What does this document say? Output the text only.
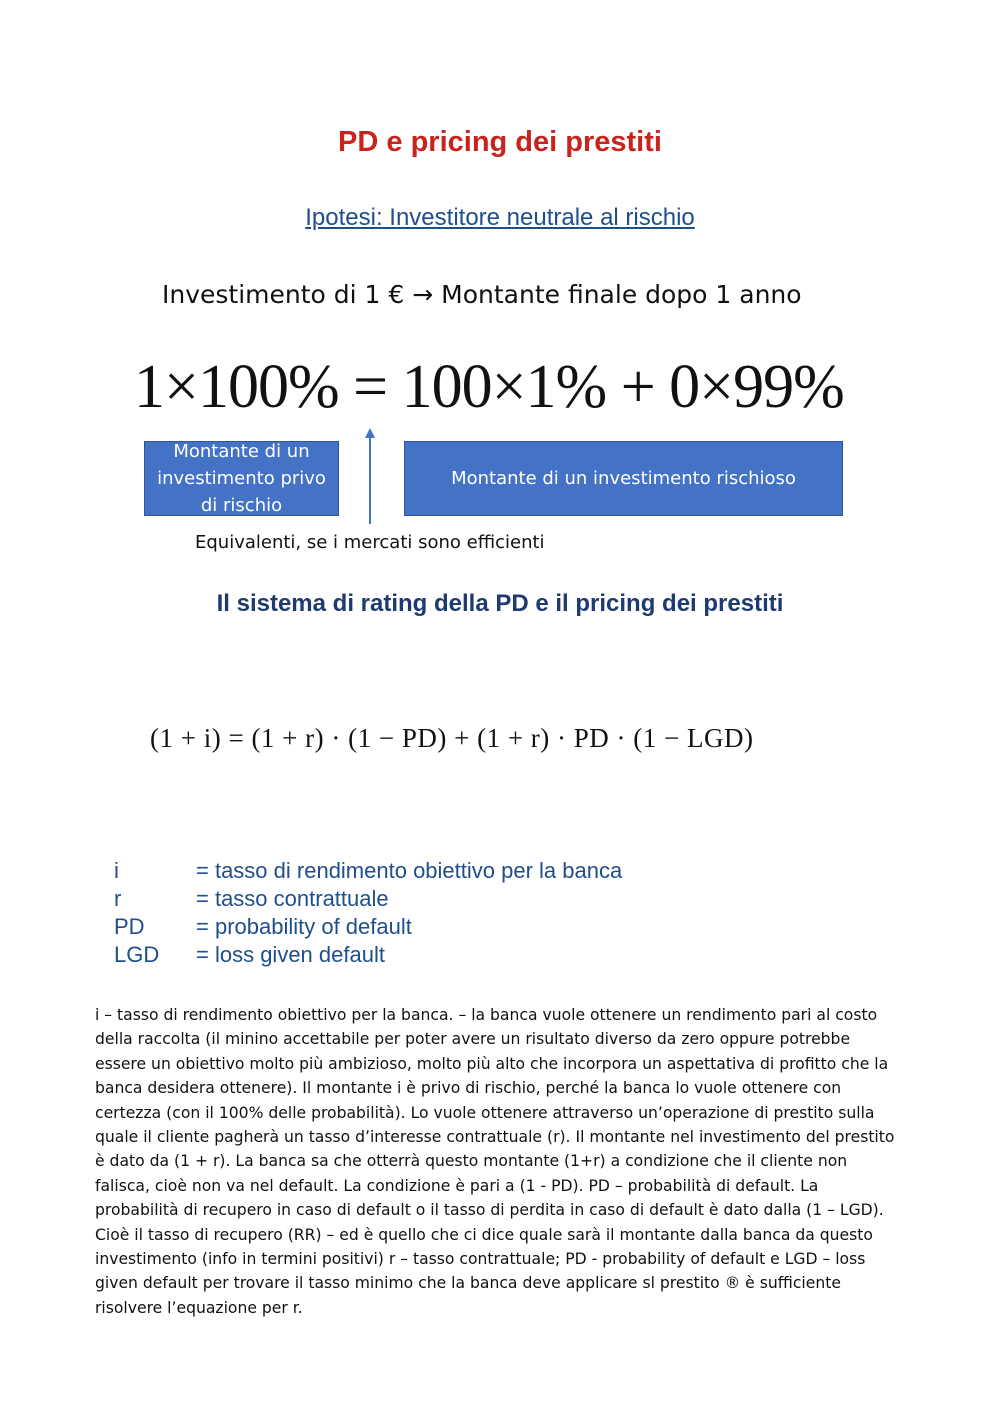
PD e pricing dei prestiti
Ipotesi: Investitore neutrale al rischio
Investimento di 1 € → Montante finale dopo 1 anno
1×100% = 100×1% + 0×99%
Montante di un investimento privo di rischio
Montante di un investimento rischioso
Equivalenti, se i mercati sono efficienti
Il sistema di rating della PD e il pricing dei prestiti
(1 + i) = (1 + r) · (1 − PD) + (1 + r) · PD · (1 − LGD)
i	= tasso di rendimento obiettivo per la banca
r	= tasso contrattuale
PD	= probability of default
LGD	= loss given default

i – tasso di rendimento obiettivo per la banca. – la banca vuole ottenere un rendimento pari al costo della raccolta (il minino accettabile per poter avere un risultato diverso da zero oppure potrebbe essere un obiettivo molto più ambizioso, molto più alto che incorpora un aspettativa di profitto che la banca desidera ottenere). Il montante i è privo di rischio, perché la banca lo vuole ottenere con certezza (con il 100% delle probabilità). Lo vuole ottenere attraverso un’operazione di prestito sulla quale il cliente pagherà un tasso d’interesse contrattuale (r). Il montante nel investimento del prestito è dato da (1 + r). La banca sa che otterrà questo montante (1+r) a condizione che il cliente non falisca, cioè non va nel default. La condizione è pari a (1 - PD). PD – probabilità di default. La probabilità di recupero in caso di default o il tasso di perdita in caso di default è dato dalla (1 – LGD). Cioè il tasso di recupero (RR) – ed è quello che ci dice quale sarà il montante dalla banca da questo investimento (info in termini positivi) r – tasso contrattuale; PD - probability of default e LGD – loss given default per trovare il tasso minimo che la banca deve applicare sl prestito ® è sufficiente risolvere l’equazione per r.
